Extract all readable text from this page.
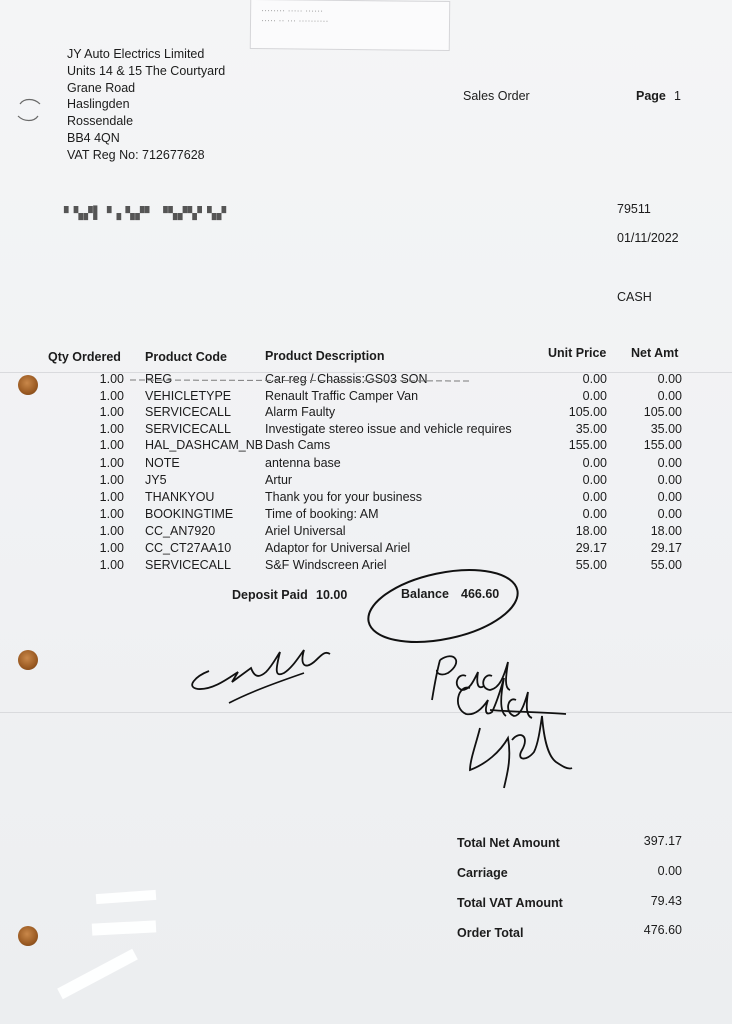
········ ····· ······
····· ·· ··· ··········
JY Auto Electrics Limited
Units 14 & 15 The Courtyard
Grane Road
Haslingden
Rossendale
BB4 4QN
VAT Reg No: 712677628
Sales Order	Page 1
▖▞▚▌▗▝ ▞▚▖ ▗▞▚▞▖▞▚	79511
01/11/2022
CASH
Qty Ordered Product Code	Product Description	Unit Price Net Amt
1.00 REG	Car reg / Chassis:GS03 SON	0.00	0.00
1.00 VEHICLETYPE	Renault Traffic Camper Van	0.00	0.00
1.00 SERVICECALL	Alarm Faulty	105.00	105.00
1.00 SERVICECALL	Investigate stereo issue and vehicle requires	35.00	35.00
1.00 HAL_DASHCAM_NB Dash Cams	155.00	155.00
1.00 NOTE	antenna base	0.00	0.00
1.00 JY5	Artur	0.00	0.00
1.00 THANKYOU	Thank you for your business	0.00	0.00
1.00 BOOKINGTIME	Time of booking: AM	0.00	0.00
1.00 CC_AN7920	Ariel Universal	18.00	18.00
1.00 CC_CT27AA10	Adaptor for Universal Ariel	29.17	29.17
1.00 SERVICECALL	S&F Windscreen Ariel	55.00	55.00
Deposit Paid 10.00	Balance 466.60
Total Net Amount	397.17
Carriage	0.00
Total VAT Amount	79.43
Order Total	476.60
